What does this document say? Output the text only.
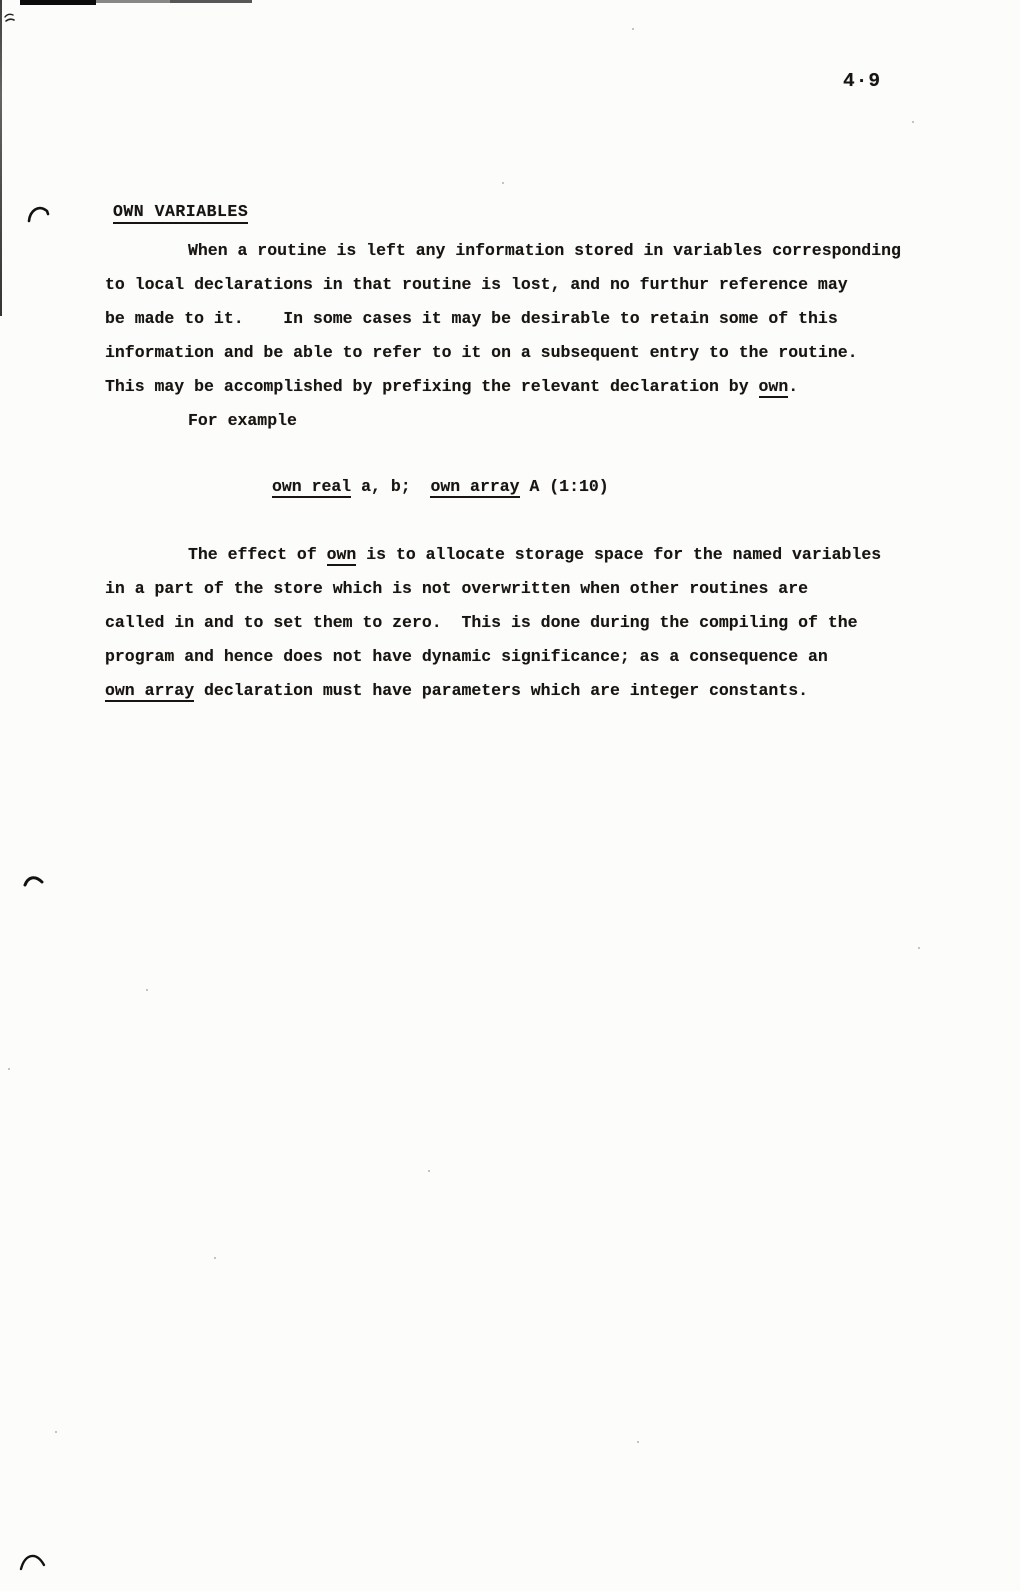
4·9
OWN VARIABLES
When a routine is left any information stored in variables corresponding
to local declarations in that routine is lost, and no furthur reference may
be made to it.    In some cases it may be desirable to retain some of this
information and be able to refer to it on a subsequent entry to the routine.
This may be accomplished by prefixing the relevant declaration by own.
For example
own real a, b;  own array A (1:10)
The effect of own is to allocate storage space for the named variables
in a part of the store which is not overwritten when other routines are
called in and to set them to zero.  This is done during the compiling of the
program and hence does not have dynamic significance; as a consequence an
own array declaration must have parameters which are integer constants.
